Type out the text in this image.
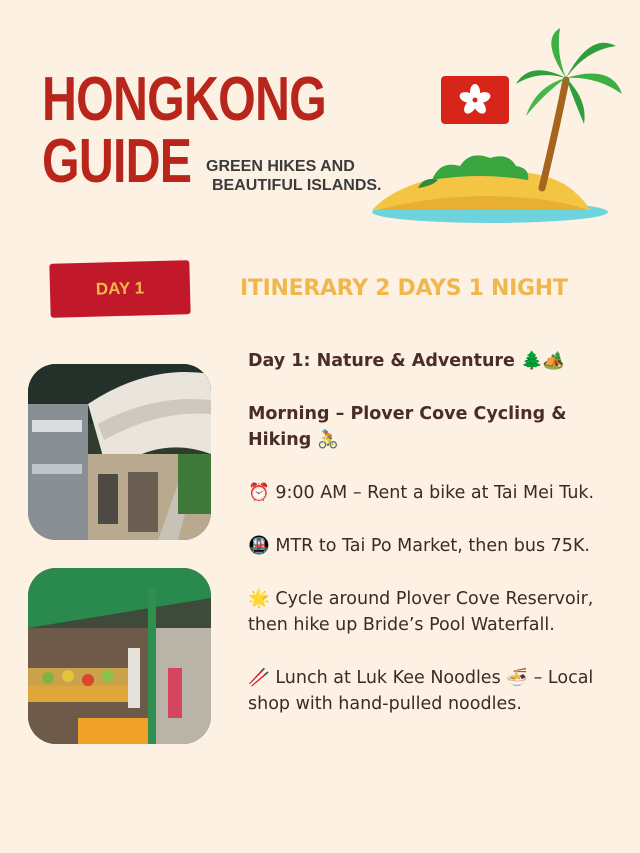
HONGKONG
GUIDE GREEN HIKES AND
BEAUTIFUL ISLANDS.
DAY 1	ITINERARY 2 DAYS 1 NIGHT

Day 1: Nature & Adventure 🌲🏕️

Morning – Plover Cove Cycling & Hiking 🚴

⏰ 9:00 AM – Rent a bike at Tai Mei Tuk.

🚇 MTR to Tai Po Market, then bus 75K.

🌟 Cycle around Plover Cove Reservoir, then hike up Bride’s Pool Waterfall.

🥢 Lunch at Luk Kee Noodles 🍜 – Local shop with hand-pulled noodles.
